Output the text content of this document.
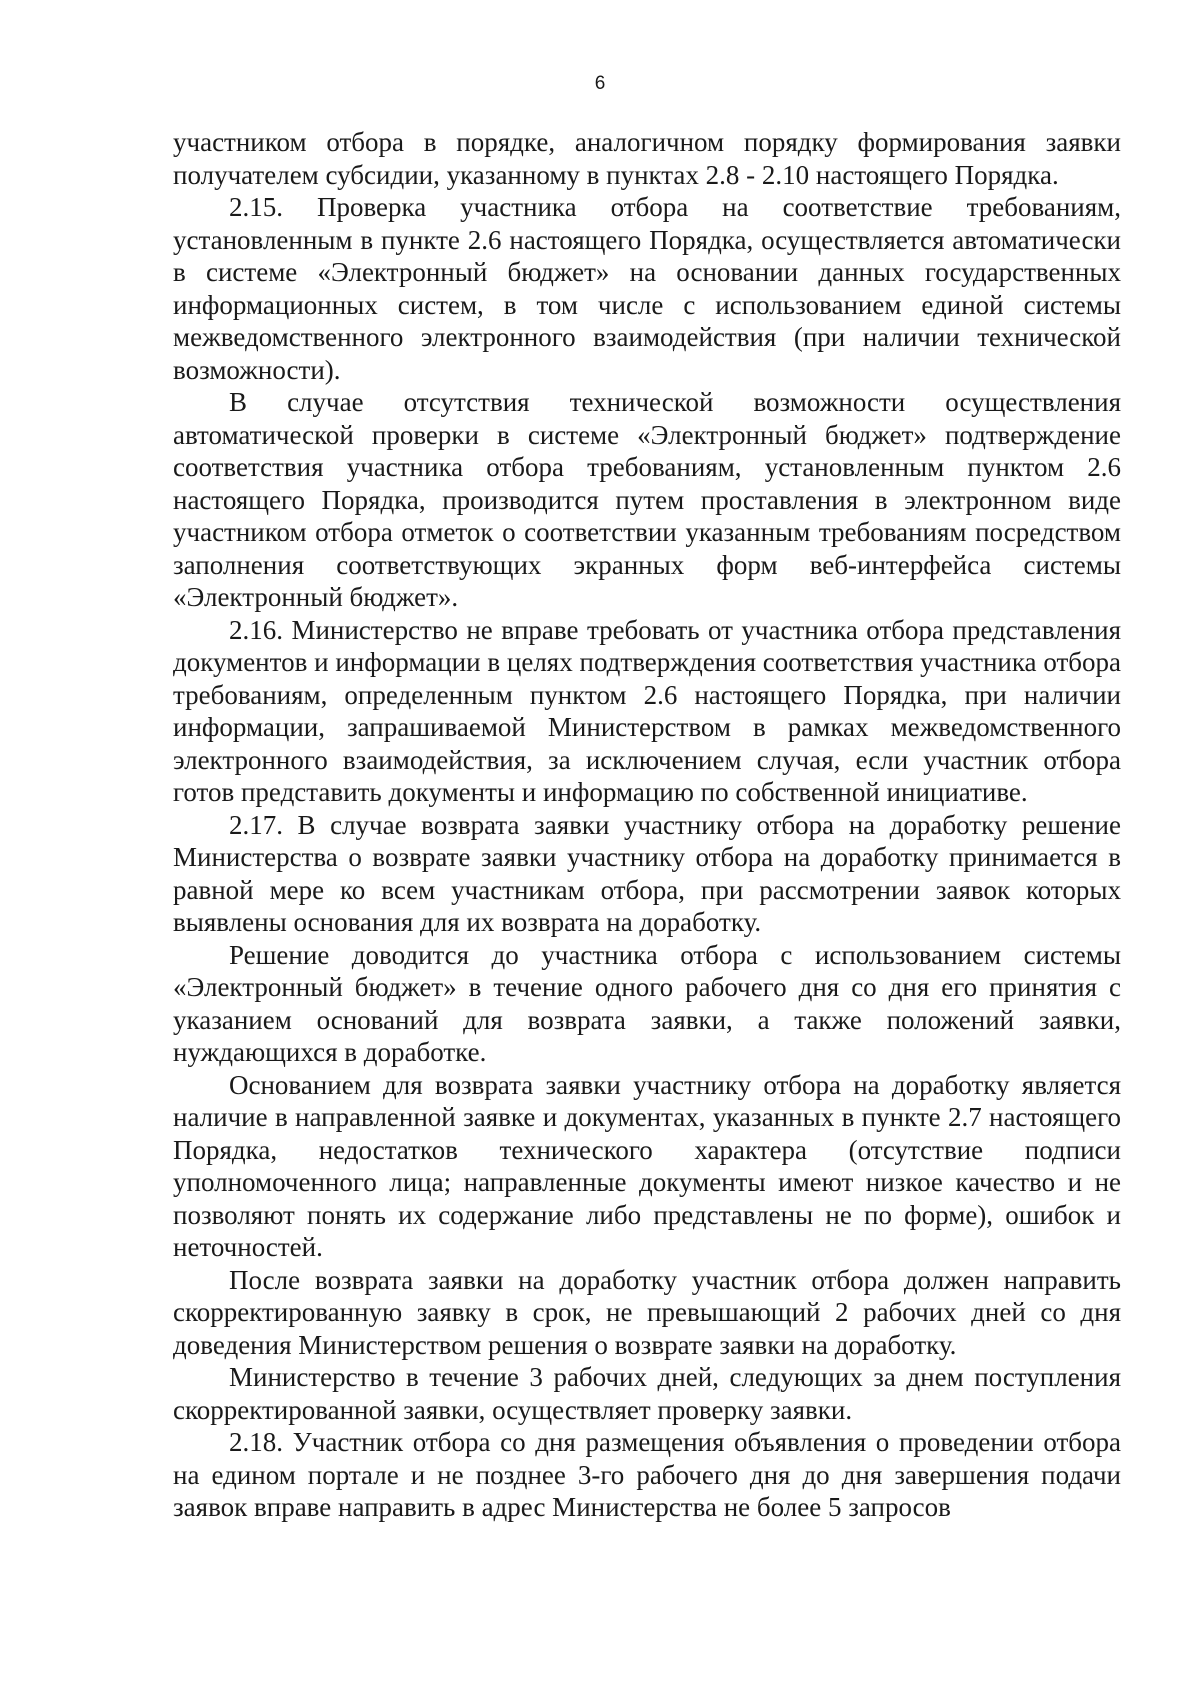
6

участником отбора в порядке, аналогичном порядку формирования заявки получателем субсидии, указанному в пунктах 2.8 - 2.10 настоящего Порядка.

2.15. Проверка участника отбора на соответствие требованиям, установленным в пункте 2.6 настоящего Порядка, осуществляется автоматически в системе «Электронный бюджет» на основании данных государственных информационных систем, в том числе с использованием единой системы межведомственного электронного взаимодействия (при наличии технической возможности).

В случае отсутствия технической возможности осуществления автоматической проверки в системе «Электронный бюджет» подтверждение соответствия участника отбора требованиям, установленным пунктом 2.6 настоящего Порядка, производится путем проставления в электронном виде участником отбора отметок о соответствии указанным требованиям посредством заполнения соответствующих экранных форм веб-интерфейса системы «Электронный бюджет».

2.16. Министерство не вправе требовать от участника отбора представления документов и информации в целях подтверждения соответствия участника отбора требованиям, определенным пунктом 2.6 настоящего Порядка, при наличии информации, запрашиваемой Министерством в рамках межведомственного электронного взаимодействия, за исключением случая, если участник отбора готов представить документы и информацию по собственной инициативе.

2.17. В случае возврата заявки участнику отбора на доработку решение Министерства о возврате заявки участнику отбора на доработку принимается в равной мере ко всем участникам отбора, при рассмотрении заявок которых выявлены основания для их возврата на доработку.

Решение доводится до участника отбора с использованием системы «Электронный бюджет» в течение одного рабочего дня со дня его принятия с указанием оснований для возврата заявки, а также положений заявки, нуждающихся в доработке.

Основанием для возврата заявки участнику отбора на доработку является наличие в направленной заявке и документах, указанных в пункте 2.7 настоящего Порядка, недостатков технического характера (отсутствие подписи уполномоченного лица; направленные документы имеют низкое качество и не позволяют понять их содержание либо представлены не по форме), ошибок и неточностей.

После возврата заявки на доработку участник отбора должен направить скорректированную заявку в срок, не превышающий 2 рабочих дней со дня доведения Министерством решения о возврате заявки на доработку.

Министерство в течение 3 рабочих дней, следующих за днем поступления скорректированной заявки, осуществляет проверку заявки.

2.18. Участник отбора со дня размещения объявления о проведении отбора на едином портале и не позднее 3-го рабочего дня до дня завершения подачи заявок вправе направить в адрес Министерства не более 5 запросов
